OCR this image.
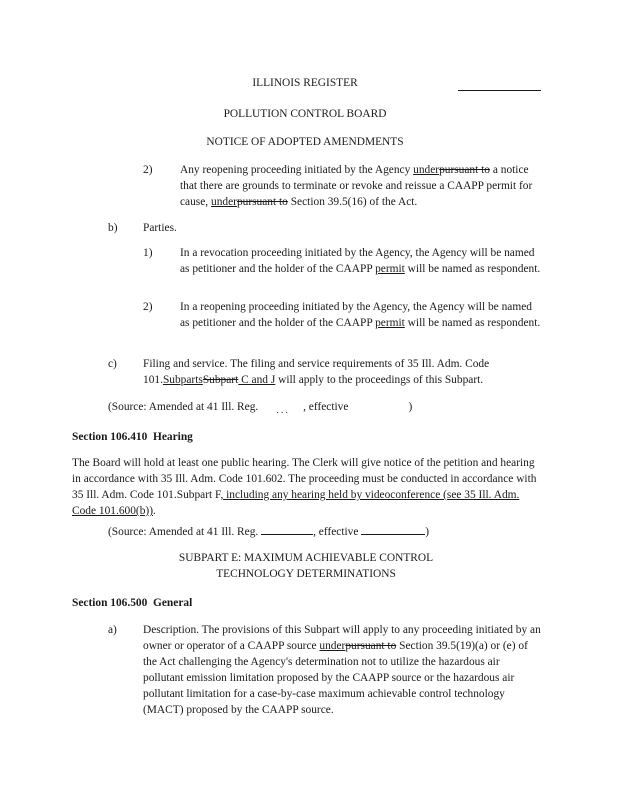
ILLINOIS REGISTER
POLLUTION CONTROL BOARD
NOTICE OF ADOPTED AMENDMENTS
2) Any reopening proceeding initiated by the Agency underpursuant to a notice that there are grounds to terminate or revoke and reissue a CAAPP permit for cause, underpursuant to Section 39.5(16) of the Act.

b) Parties.
1) In a revocation proceeding initiated by the Agency, the Agency will be named as petitioner and the holder of the CAAPP permit will be named as respondent.

2) In a reopening proceeding initiated by the Agency, the Agency will be named as petitioner and the holder of the CAAPP permit will be named as respondent.

c) Filing and service. The filing and service requirements of 35 Ill. Adm. Code 101.SubpartsSubpart C and J will apply to the proceedings of this Subpart.

(Source: Amended at 41 Ill. Reg. . . . , effective	)
Section 106.410 Hearing

The Board will hold at least one public hearing. The Clerk will give notice of the petition and hearing in accordance with 35 Ill. Adm. Code 101.602. The proceeding must be conducted in accordance with 35 Ill. Adm. Code 101.Subpart F, including any hearing held by videoconference (see 35 Ill. Adm. Code 101.600(b)).

(Source: Amended at 41 Ill. Reg.	, effective	)
SUBPART E: MAXIMUM ACHIEVABLE CONTROL
TECHNOLOGY DETERMINATIONS
Section 106.500 General
a) Description. The provisions of this Subpart will apply to any proceeding initiated by an owner or operator of a CAAPP source underpursuant to Section 39.5(19)(a) or (e) of the Act challenging the Agency's determination not to utilize the hazardous air pollutant emission limitation proposed by the CAAPP source or the hazardous air pollutant limitation for a case-by-case maximum achievable control technology (MACT) proposed by the CAAPP source.
